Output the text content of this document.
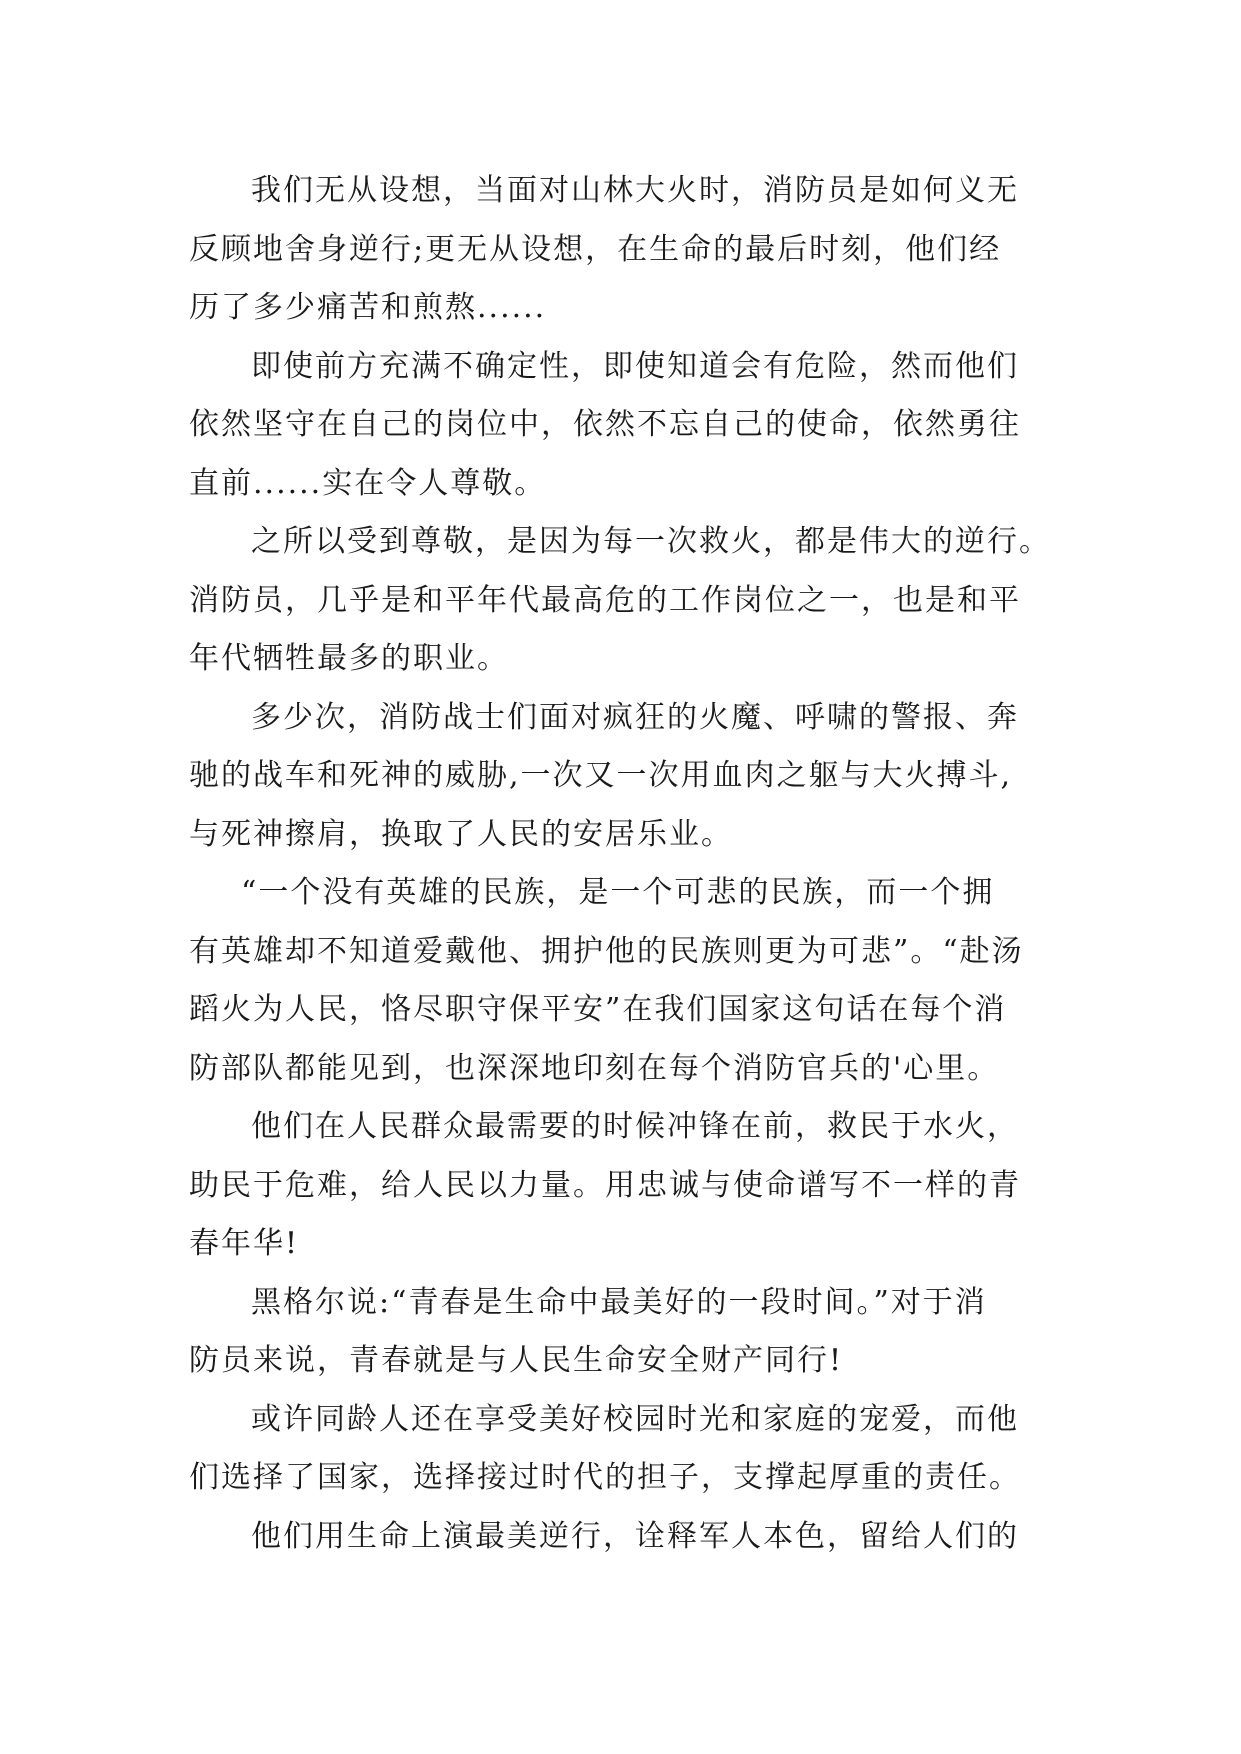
我们无从设想，当面对山林大火时，消防员是如何义无
反顾地舍身逆行;更无从设想，在生命的最后时刻，他们经
历了多少痛苦和煎熬......
即使前方充满不确定性，即使知道会有危险，然而他们
依然坚守在自己的岗位中，依然不忘自己的使命，依然勇往
直前......实在令人尊敬。
之所以受到尊敬，是因为每一次救火，都是伟大的逆行。
消防员，几乎是和平年代最高危的工作岗位之一，也是和平
年代牺牲最多的职业。
多少次，消防战士们面对疯狂的火魔、呼啸的警报、奔
驰的战车和死神的威胁,一次又一次用血肉之躯与大火搏斗,
与死神擦肩，换取了人民的安居乐业。
“一个没有英雄的民族，是一个可悲的民族，而一个拥
有英雄却不知道爱戴他、拥护他的民族则更为可悲”。“赴汤
蹈火为人民，恪尽职守保平安”在我们国家这句话在每个消
防部队都能见到，也深深地印刻在每个消防官兵的'心里。
他们在人民群众最需要的时候冲锋在前，救民于水火，
助民于危难，给人民以力量。用忠诚与使命谱写不一样的青
春年华!
黑格尔说:“青春是生命中最美好的一段时间。”对于消
防员来说，青春就是与人民生命安全财产同行!
或许同龄人还在享受美好校园时光和家庭的宠爱，而他
们选择了国家，选择接过时代的担子，支撑起厚重的责任。
他们用生命上演最美逆行，诠释军人本色，留给人们的
